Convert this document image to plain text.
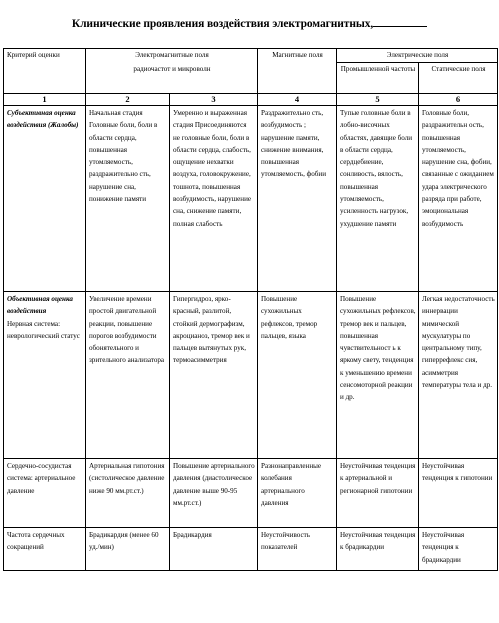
Клинические проявления воздействия электромагнитных,
Критерий оценки	Электромагнитные поля
радиочастот и микроволн		Магнитные поля	Электрические поля	
				Промышленной частоты	Статические поля
1	2	3	4	5	6
Субъективная оценка воздействия (Жалобы)	Начальная стадия Головные боли, боли в области сердца, повышенная утомляемость, раздражительно сть, нарушение сна, понижение памяти	Умеренно и выраженная стадия Присоединяются не головные боли, боли в области сердца, слабость, ощущение нехватки воздуха, головокружение, тошнота, повышенная возбудимость, нарушение сна, снижение памяти, полная слабость	Раздражительно сть, возбудимость ; нарушение памяти, снижение внимания, повышенная утомляемость, фобии	Тупые головные боли в лобно-височных областях, давящие боли в области сердца, сердцебиение, сонливость, вялость, повышенная утомляемость, усиленность нагрузок, ухудшение памяти	Головные боли, раздражительн ость, повышенная утомляемость, нарушение сна, фобии, связанные с ожиданием удара электрического разряда при работе, эмоциональная возбудимость
Объективная оценка воздействия
Нервная система: неврологический статус	Увеличение времени простой двигательной реакции, повышение порогов возбудимости обонятельного и зрительного анализатора	Гипергидроз, ярко-красный, разлитой, стойкий дермографизм, акроцианоз, тремор век и пальцев вытянутых рук, термоасимметрия	Повышение сухожильных рефлексов, тремор пальцев, языка	Повышение сухожильных рефлексов, тремор век и пальцев, повышенная чувствительност ь к яркому свету, тенденция к уменьшению времени сенсомоторной реакции и др.	Легкая недостаточность иннервации мимической мускулатуры по центральному типу, гиперрефлекс сия, асимметрия температуры тела и др.
Сердечно-сосудистая система: артериальное давление	Артериальная гипотония (систолическое давление ниже 90 мм.рт.ст.)	Повышение артериального давления (диастолическое давление выше 90-95 мм.рт.ст.)	Разнонаправленные колебания артериального давления	Неустойчивая тенденция к артериальной и регионарной гипотонии	Неустойчивая тенденция к гипотонии
Частота сердечных сокращений	Брадикардия (менее 60 уд./мин)	Брадикардия	Неустойчивость показателей	Неустойчивая тенденция к брадикардии	Неустойчивая тенденция к брадикардии
